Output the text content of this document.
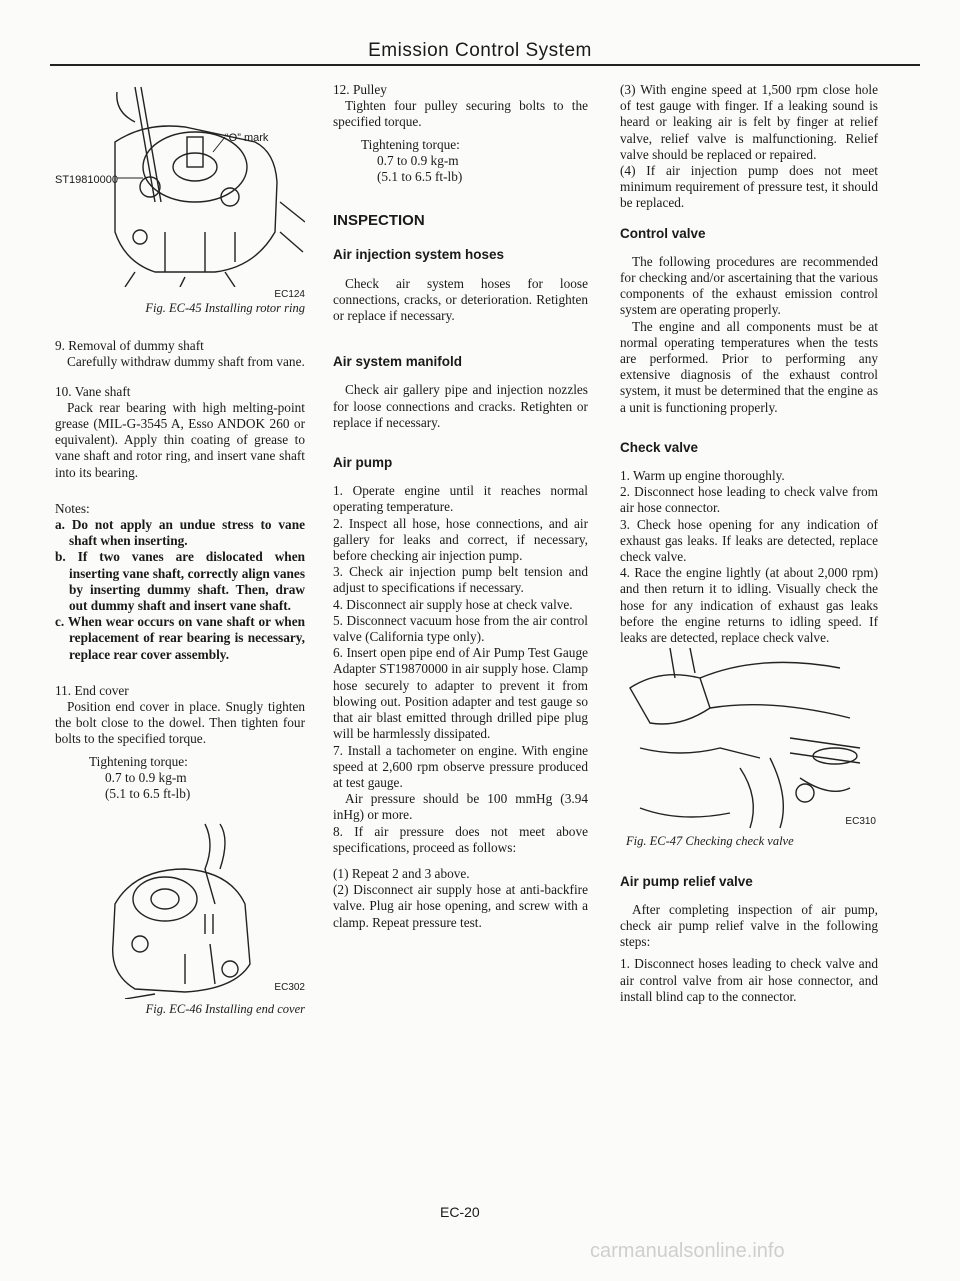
Emission Control System
ST19810000
“O” mark
EC124
Fig. EC-45 Installing rotor ring

9. Removal of dummy shaft

Carefully withdraw dummy shaft from vane.

10. Vane shaft

Pack rear bearing with high melting-point grease (MIL-G-3545 A, Esso ANDOK 260 or equivalent). Apply thin coating of grease to vane shaft and rotor ring, and insert vane shaft into its bearing.

Notes:

a. Do not apply an undue stress to vane shaft when inserting.

b. If two vanes are dislocated when inserting vane shaft, correctly align vanes by inserting dummy shaft. Then, draw out dummy shaft and insert vane shaft.

c. When wear occurs on vane shaft or when replacement of rear bearing is necessary, replace rear cover assembly.

11. End cover

Position end cover in place. Snugly tighten the bolt close to the dowel. Then tighten four bolts to the specified torque.

Tightening torque:
0.7 to 0.9 kg-m
(5.1 to 6.5 ft-lb)
EC302
Fig. EC-46 Installing end cover

12. Pulley

Tighten four pulley securing bolts to the specified torque.

Tightening torque:
0.7 to 0.9 kg-m
(5.1 to 6.5 ft-lb)
INSPECTION
Air injection system hoses

Check air system hoses for loose connections, cracks, or deterioration. Retighten or replace if necessary.

Air system manifold

Check air gallery pipe and injection nozzles for loose connections and cracks. Retighten or replace if necessary.

Air pump

1. Operate engine until it reaches normal operating temperature.

2. Inspect all hose, hose connections, and air gallery for leaks and correct, if necessary, before checking air injection pump.

3. Check air injection pump belt tension and adjust to specifications if necessary.

4. Disconnect air supply hose at check valve.

5. Disconnect vacuum hose from the air control valve (California type only).

6. Insert open pipe end of Air Pump Test Gauge Adapter ST19870000 in air supply hose. Clamp hose securely to adapter to prevent it from blowing out. Position adapter and test gauge so that air blast emitted through drilled pipe plug will be harmlessly dissipated.

7. Install a tachometer on engine. With engine speed at 2,600 rpm observe pressure produced at test gauge.

Air pressure should be 100 mmHg (3.94 inHg) or more.

8. If air pressure does not meet above specifications, proceed as follows:

(1) Repeat 2 and 3 above.

(2) Disconnect air supply hose at anti-backfire valve. Plug air hose opening, and screw with a clamp. Repeat pressure test.

(3) With engine speed at 1,500 rpm close hole of test gauge with finger. If a leaking sound is heard or leaking air is felt by finger at relief valve, relief valve is malfunctioning. Relief valve should be replaced or repaired.

(4) If air injection pump does not meet minimum requirement of pressure test, it should be replaced.

Control valve

The following procedures are recommended for checking and/or ascertaining that the various components of the exhaust emission control system are operating properly.

The engine and all components must be at normal operating temperatures when the tests are performed. Prior to performing any extensive diagnosis of the exhaust control system, it must be determined that the engine as a unit is functioning properly.

Check valve

1. Warm up engine thoroughly.

2. Disconnect hose leading to check valve from air hose connector.

3. Check hose opening for any indication of exhaust gas leaks. If leaks are detected, replace check valve.

4. Race the engine lightly (at about 2,000 rpm) and then return it to idling. Visually check the hose for any indication of exhaust gas leaks before the engine returns to idling speed. If leaks are detected, replace check valve.

EC310
Fig. EC-47 Checking check valve
Air pump relief valve

After completing inspection of air pump, check air pump relief valve in the following steps:

1. Disconnect hoses leading to check valve and air control valve from air hose connector, and install blind cap to the connector.

EC-20
carmanualsonline.info
